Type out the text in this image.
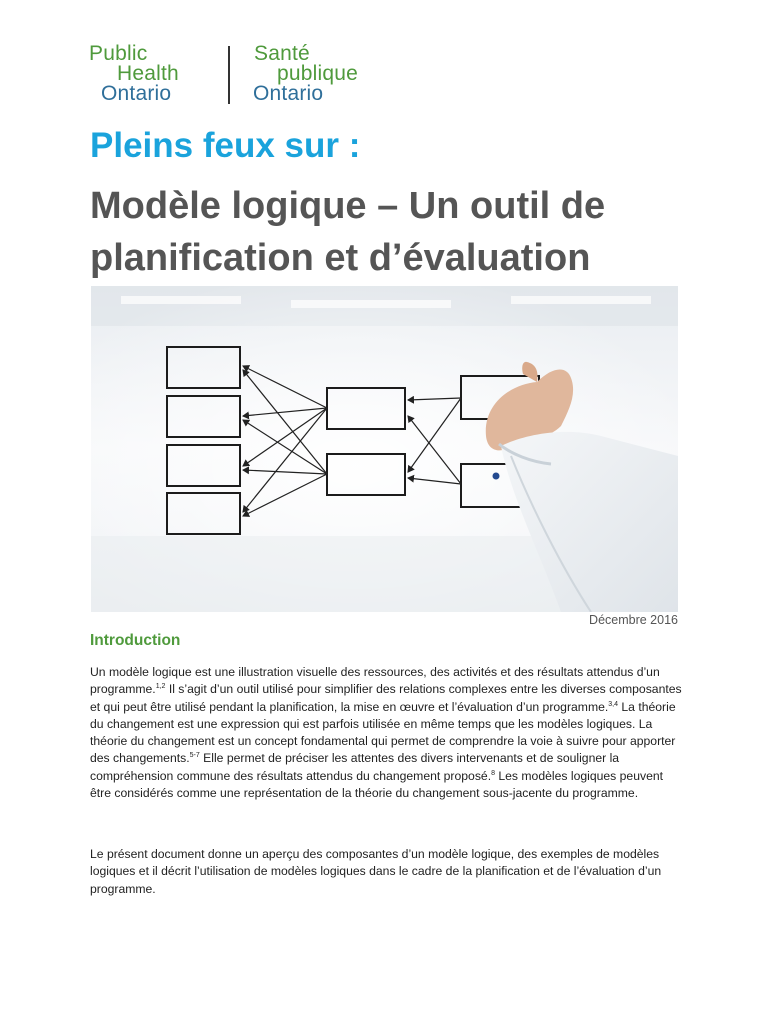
Public
Health
Ontario
Santé
publique
Ontario
Pleins feux sur :
Modèle logique – Un outil de planification et d’évaluation
Décembre 2016
Introduction
Un modèle logique est une illustration visuelle des ressources, des activités et des résultats attendus d’un programme.$^{1,2}$ Il s’agit d’un outil utilisé pour simplifier des relations complexes entre les diverses composantes et qui peut être utilisé pendant la planification, la mise en œuvre et l’évaluation d’un programme.$^{3,4}$ La théorie du changement est une expression qui est parfois utilisée en même temps que les modèles logiques. La théorie du changement est un concept fondamental qui permet de comprendre la voie à suivre pour apporter des changements.$^{5-7}$ Elle permet de préciser les attentes des divers intervenants et de souligner la compréhension commune des résultats attendus du changement proposé.$^8$ Les modèles logiques peuvent être considérés comme une représentation de la théorie du changement sous-jacente du programme.
Le présent document donne un aperçu des composantes d’un modèle logique, des exemples de modèles logiques et il décrit l’utilisation de modèles logiques dans le cadre de la planification et de l’évaluation d’un programme.
